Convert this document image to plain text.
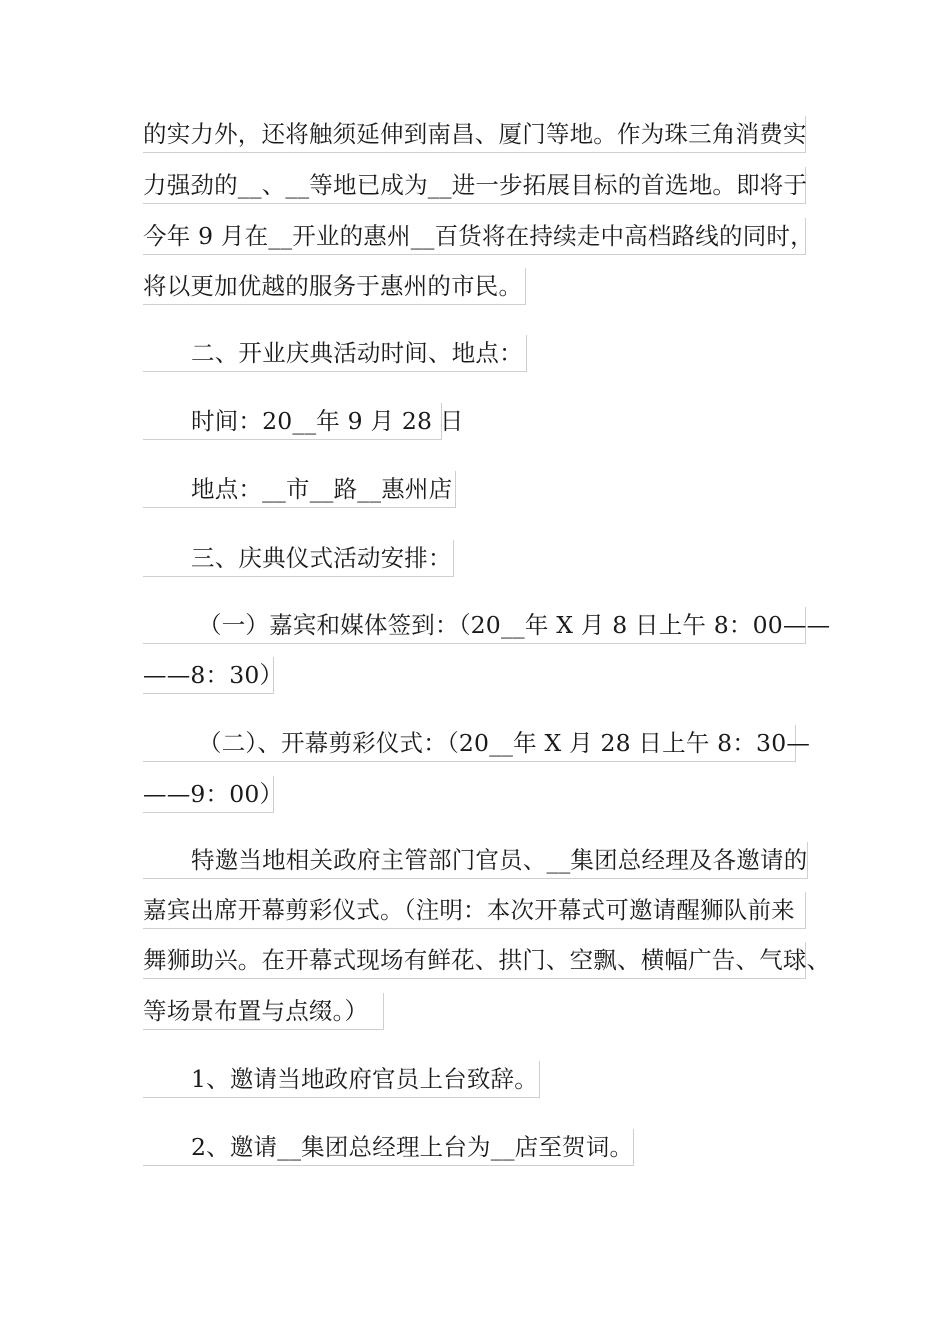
的实力外，还将触须延伸到南昌、厦门等地。作为珠三角消费实
力强劲的__、__等地已成为__进一步拓展目标的首选地。即将于
今年 9 月在__开业的惠州__百货将在持续走中高档路线的同时，
将以更加优越的服务于惠州的市民。
二、开业庆典活动时间、地点：
时间：20__年 9 月 28 日
地点：__市__路__惠州店
三、庆典仪式活动安排：
（一）嘉宾和媒体签到：（20__年 X 月 8 日上午 8：00——
——8：30）
（二）、开幕剪彩仪式：（20__年 X 月 28 日上午 8：30—
——9：00）
特邀当地相关政府主管部门官员、__集团总经理及各邀请的
嘉宾出席开幕剪彩仪式。（注明：本次开幕式可邀请醒狮队前来
舞狮助兴。在开幕式现场有鲜花、拱门、空飘、横幅广告、气球、
等场景布置与点缀。）
1、邀请当地政府官员上台致辞。
2、邀请__集团总经理上台为__店至贺词。
